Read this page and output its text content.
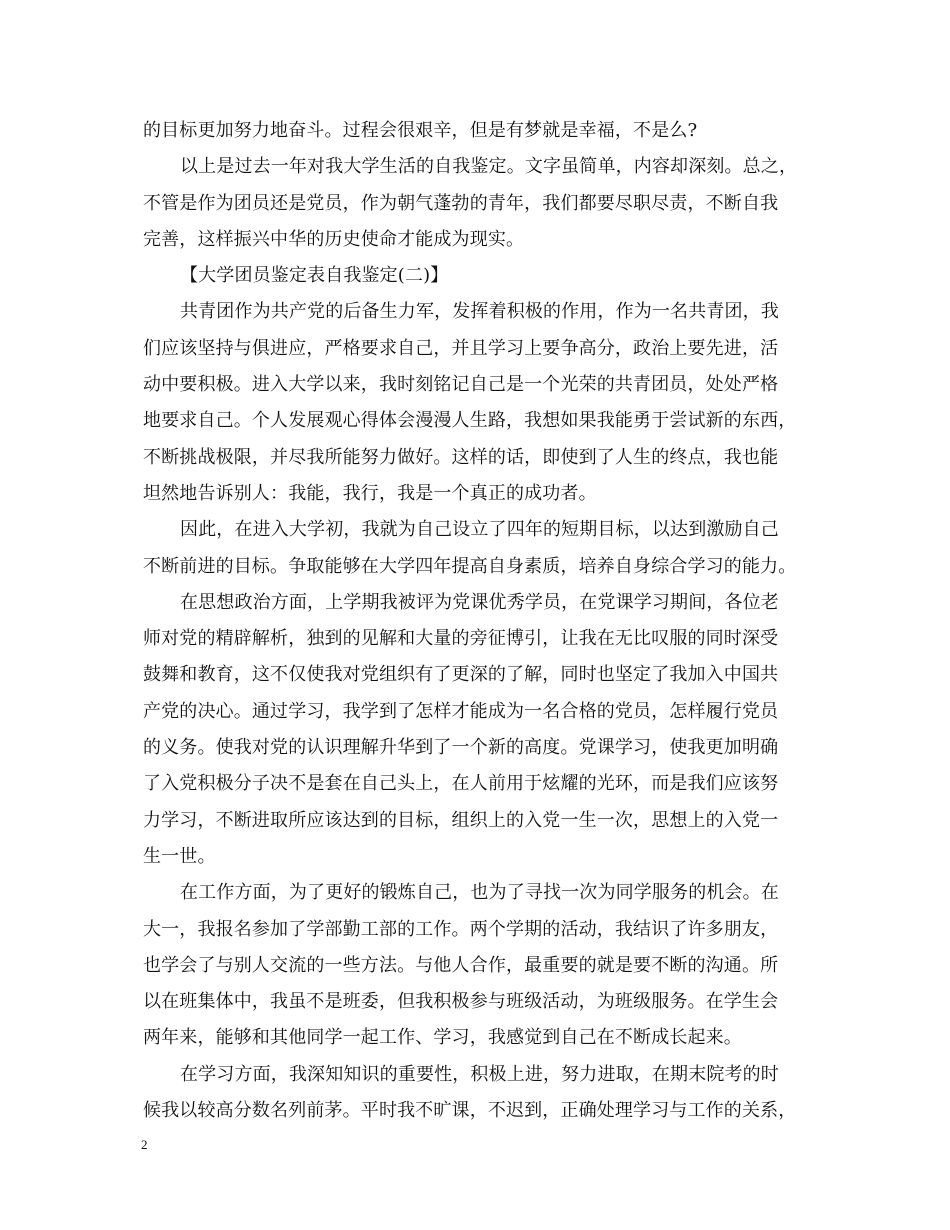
的目标更加努力地奋斗。过程会很艰辛，但是有梦就是幸福，不是么?
以上是过去一年对我大学生活的自我鉴定。文字虽简单，内容却深刻。总之，
不管是作为团员还是党员，作为朝气蓬勃的青年，我们都要尽职尽责，不断自我
完善，这样振兴中华的历史使命才能成为现实。
【大学团员鉴定表自我鉴定(二)】
共青团作为共产党的后备生力军，发挥着积极的作用，作为一名共青团，我
们应该坚持与俱进应，严格要求自己，并且学习上要争高分，政治上要先进，活
动中要积极。进入大学以来，我时刻铭记自己是一个光荣的共青团员，处处严格
地要求自己。个人发展观心得体会漫漫人生路，我想如果我能勇于尝试新的东西，
不断挑战极限，并尽我所能努力做好。这样的话，即使到了人生的终点，我也能
坦然地告诉别人：我能，我行，我是一个真正的成功者。
因此，在进入大学初，我就为自己设立了四年的短期目标，以达到激励自己
不断前进的目标。争取能够在大学四年提高自身素质，培养自身综合学习的能力。
在思想政治方面，上学期我被评为党课优秀学员，在党课学习期间，各位老
师对党的精辟解析，独到的见解和大量的旁征博引，让我在无比叹服的同时深受
鼓舞和教育，这不仅使我对党组织有了更深的了解，同时也坚定了我加入中国共
产党的决心。通过学习，我学到了怎样才能成为一名合格的党员，怎样履行党员
的义务。使我对党的认识理解升华到了一个新的高度。党课学习，使我更加明确
了入党积极分子决不是套在自己头上，在人前用于炫耀的光环，而是我们应该努
力学习，不断进取所应该达到的目标，组织上的入党一生一次，思想上的入党一
生一世。
在工作方面，为了更好的锻炼自己，也为了寻找一次为同学服务的机会。在
大一，我报名参加了学部勤工部的工作。两个学期的活动，我结识了许多朋友，
也学会了与别人交流的一些方法。与他人合作，最重要的就是要不断的沟通。所
以在班集体中，我虽不是班委，但我积极参与班级活动，为班级服务。在学生会
两年来，能够和其他同学一起工作、学习，我感觉到自己在不断成长起来。
在学习方面，我深知知识的重要性，积极上进，努力进取，在期末院考的时
候我以较高分数名列前茅。平时我不旷课，不迟到，正确处理学习与工作的关系，
2
